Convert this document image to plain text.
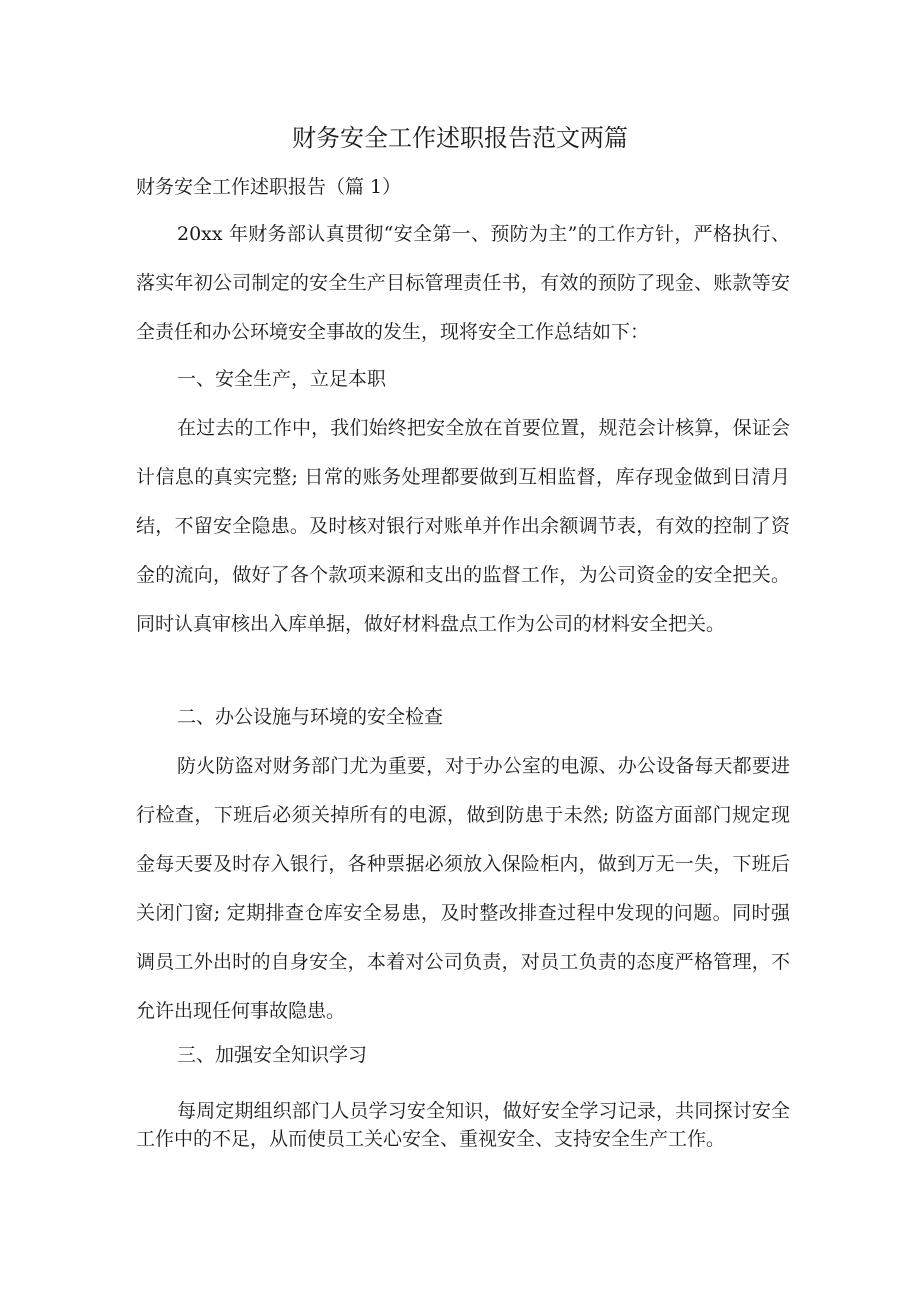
财务安全工作述职报告范文两篇

财务安全工作述职报告（篇 1）

20xx 年财务部认真贯彻“安全第一、预防为主”的工作方针，严格执行、落实年初公司制定的安全生产目标管理责任书，有效的预防了现金、账款等安全责任和办公环境安全事故的发生，现将安全工作总结如下：

一、安全生产，立足本职

在过去的工作中，我们始终把安全放在首要位置，规范会计核算，保证会计信息的真实完整; 日常的账务处理都要做到互相监督，库存现金做到日清月结，不留安全隐患。及时核对银行对账单并作出余额调节表，有效的控制了资金的流向，做好了各个款项来源和支出的监督工作，为公司资金的安全把关。同时认真审核出入库单据，做好材料盘点工作为公司的材料安全把关。

二、办公设施与环境的安全检查

防火防盗对财务部门尤为重要，对于办公室的电源、办公设备每天都要进行检查，下班后必须关掉所有的电源，做到防患于未然; 防盗方面部门规定现金每天要及时存入银行，各种票据必须放入保险柜内，做到万无一失，下班后关闭门窗; 定期排查仓库安全易患，及时整改排查过程中发现的问题。同时强调员工外出时的自身安全，本着对公司负责，对员工负责的态度严格管理，不允许出现任何事故隐患。

三、加强安全知识学习

每周定期组织部门人员学习安全知识，做好安全学习记录，共同探讨安全工作中的不足，从而使员工关心安全、重视安全、支持安全生产工作。
